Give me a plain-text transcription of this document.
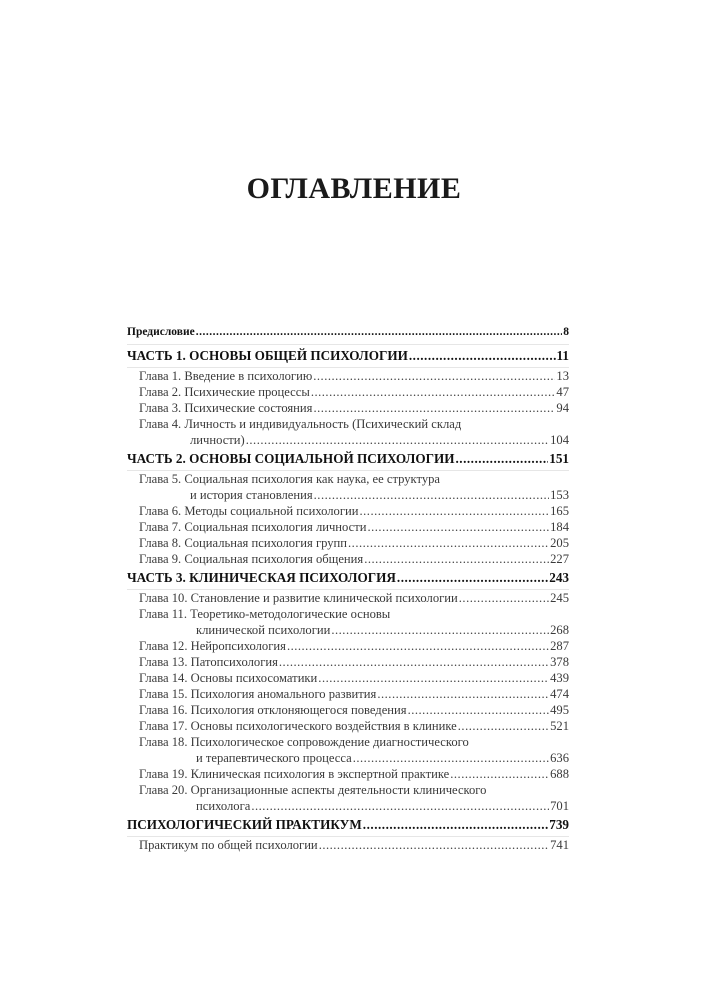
ОГЛАВЛЕНИЕ
Предисловие .....	8
ЧАСТЬ 1. ОСНОВЫ ОБЩЕЙ ПСИХОЛОГИИ .....	11
Глава 1. Введение в психологию .....	13
Глава 2. Психические процессы .....	47
Глава 3. Психические состояния .....	94
Глава 4. Личность и индивидуальность (Психический склад
личности) .....	104
ЧАСТЬ 2. ОСНОВЫ СОЦИАЛЬНОЙ ПСИХОЛОГИИ .....	151
Глава 5. Социальная психология как наука, ее структура
и история становления .....	153
Глава 6. Методы социальной психологии .....	165
Глава 7. Социальная психология личности .....	184
Глава 8. Социальная психология групп .....	205
Глава 9. Социальная психология общения .....	227
ЧАСТЬ 3. КЛИНИЧЕСКАЯ ПСИХОЛОГИЯ .....	243
Глава 10. Становление и развитие клинической психологии .....	245
Глава 11. Теоретико-методологические основы
клинической психологии .....	268
Глава 12. Нейропсихология .....	287
Глава 13. Патопсихология .....	378
Глава 14. Основы психосоматики .....	439
Глава 15. Психология аномального развития .....	474
Глава 16. Психология отклоняющегося поведения .....	495
Глава 17. Основы психологического воздействия в клинике .....	521
Глава 18. Психологическое сопровождение диагностического
и терапевтического процесса .....	636
Глава 19. Клиническая психология в экспертной практике .....	688
Глава 20. Организационные аспекты деятельности клинического
психолога .....	701
ПСИХОЛОГИЧЕСКИЙ ПРАКТИКУМ .....	739
Практикум по общей психологии .....	741
